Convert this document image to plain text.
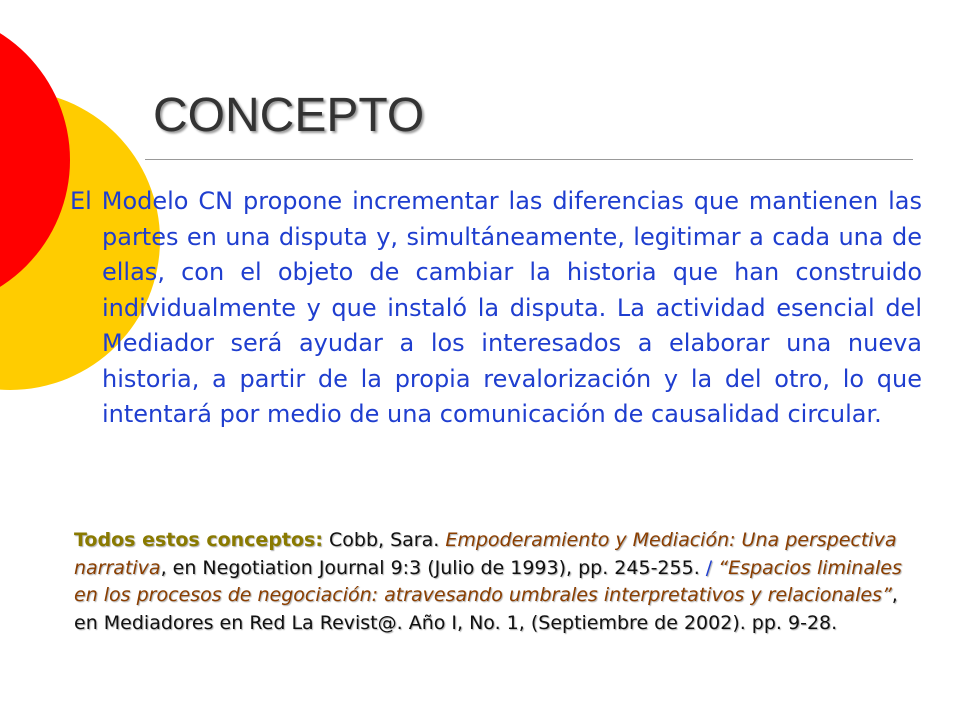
CONCEPTO

El Modelo CN propone incrementar las diferencias que mantienen las partes en una disputa y, simultáneamente, legitimar a cada una de ellas, con el objeto de cambiar la historia que han construido individualmente y que instaló la disputa. La actividad esencial del Mediador será ayudar a los interesados a elaborar una nueva historia, a partir de la propia revalorización y la del otro, lo que intentará por medio de una comunicación de causalidad circular.

Todos estos conceptos: Cobb, Sara. Empoderamiento y Mediación: Una perspectiva narrativa, en Negotiation Journal 9:3 (Julio de 1993), pp. 245-255. / “Espacios liminales en los procesos de negociación: atravesando umbrales interpretativos y relacionales”, en Mediadores en Red La Revist@. Año I, No. 1, (Septiembre de 2002). pp. 9-28.
